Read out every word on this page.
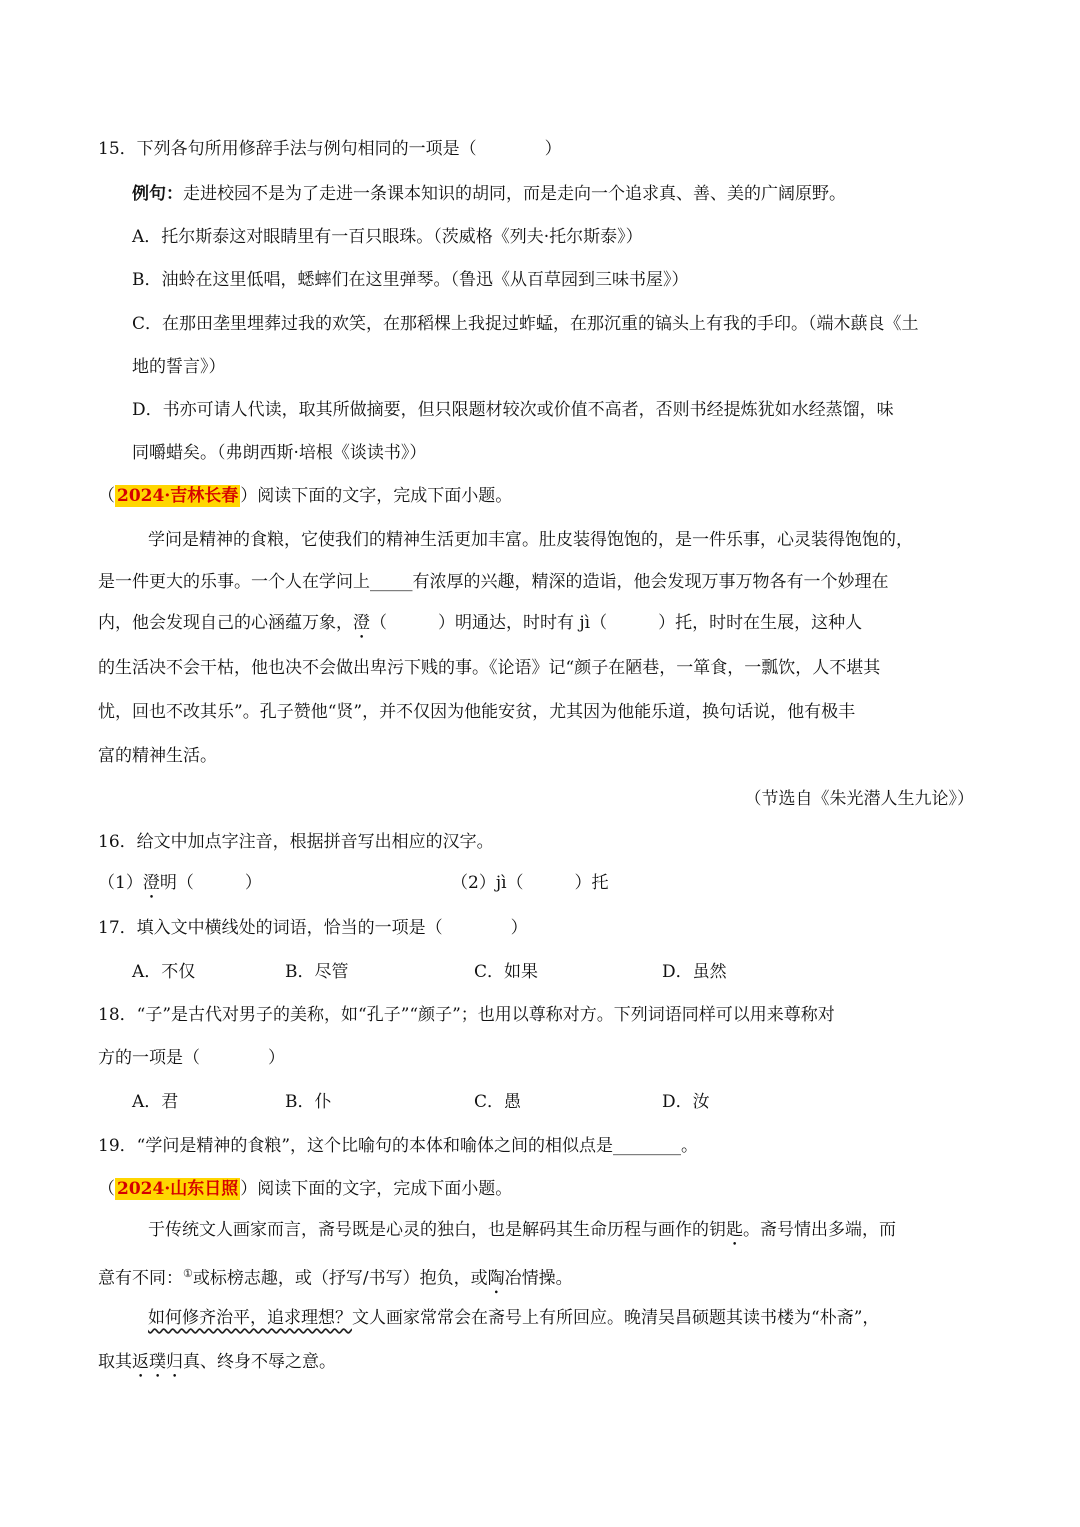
15．下列各句所用修辞手法与例句相同的一项是（　　　　）
例句：走进校园不是为了走进一条课本知识的胡同，而是走向一个追求真、善、美的广阔原野。
A．托尔斯泰这对眼睛里有一百只眼珠。（茨威格《列夫·托尔斯泰》）
B．油蛉在这里低唱，蟋蟀们在这里弹琴。（鲁迅《从百草园到三味书屋》）
C．在那田垄里埋葬过我的欢笑，在那稻棵上我捉过蚱蜢，在那沉重的镐头上有我的手印。（端木蕻良《土
地的誓言》）
D．书亦可请人代读，取其所做摘要，但只限题材较次或价值不高者，否则书经提炼犹如水经蒸馏，味
同嚼蜡矣。（弗朗西斯·培根《谈读书》）
（ 2024·吉林长春 ）阅读下面的文字，完成下面小题。
学问是精神的食粮，它使我们的精神生活更加丰富。肚皮装得饱饱的，是一件乐事，心灵装得饱饱的，
是一件更大的乐事。一个人在学问上_____有浓厚的兴趣，精深的造诣，他会发现万事万物各有一个妙理在
内，他会发现自己的心涵蕴万象，澄（　　　）明通达，时时有 jì（　　　）托，时时在生展，这种人
的生活决不会干枯，他也决不会做出卑污下贱的事。《论语》记“颜子在陋巷，一箪食，一瓢饮，人不堪其
忧，回也不改其乐”。孔子赞他“贤”，并不仅因为他能安贫，尤其因为他能乐道，换句话说，他有极丰
富的精神生活。
（节选自《朱光潜人生九论》）
16．给文中加点字注音，根据拼音写出相应的汉字。
（1）澄明（　　　）	（2）jì（　　　）托
17．填入文中横线处的词语，恰当的一项是（　　　　）
A．不仅	B．尽管	C．如果	D．虽然
18．“子”是古代对男子的美称，如“孔子”“颜子”；也用以尊称对方。下列词语同样可以用来尊称对
方的一项是（　　　　）
A．君	B．仆	C．愚	D．汝
19．“学问是精神的食粮”，这个比喻句的本体和喻体之间的相似点是________。
（ 2024·山东日照 ）阅读下面的文字，完成下面小题。
于传统文人画家而言，斋号既是心灵的独白，也是解码其生命历程与画作的钥匙。斋号情出多端，而
意有不同：①或标榜志趣，或（抒写/书写）抱负，或陶冶情操。
如何修齐治平，追求理想？文人画家常常会在斋号上有所回应。晚清吴昌硕题其读书楼为“朴斋”，
取其返璞归真、终身不辱之意。
